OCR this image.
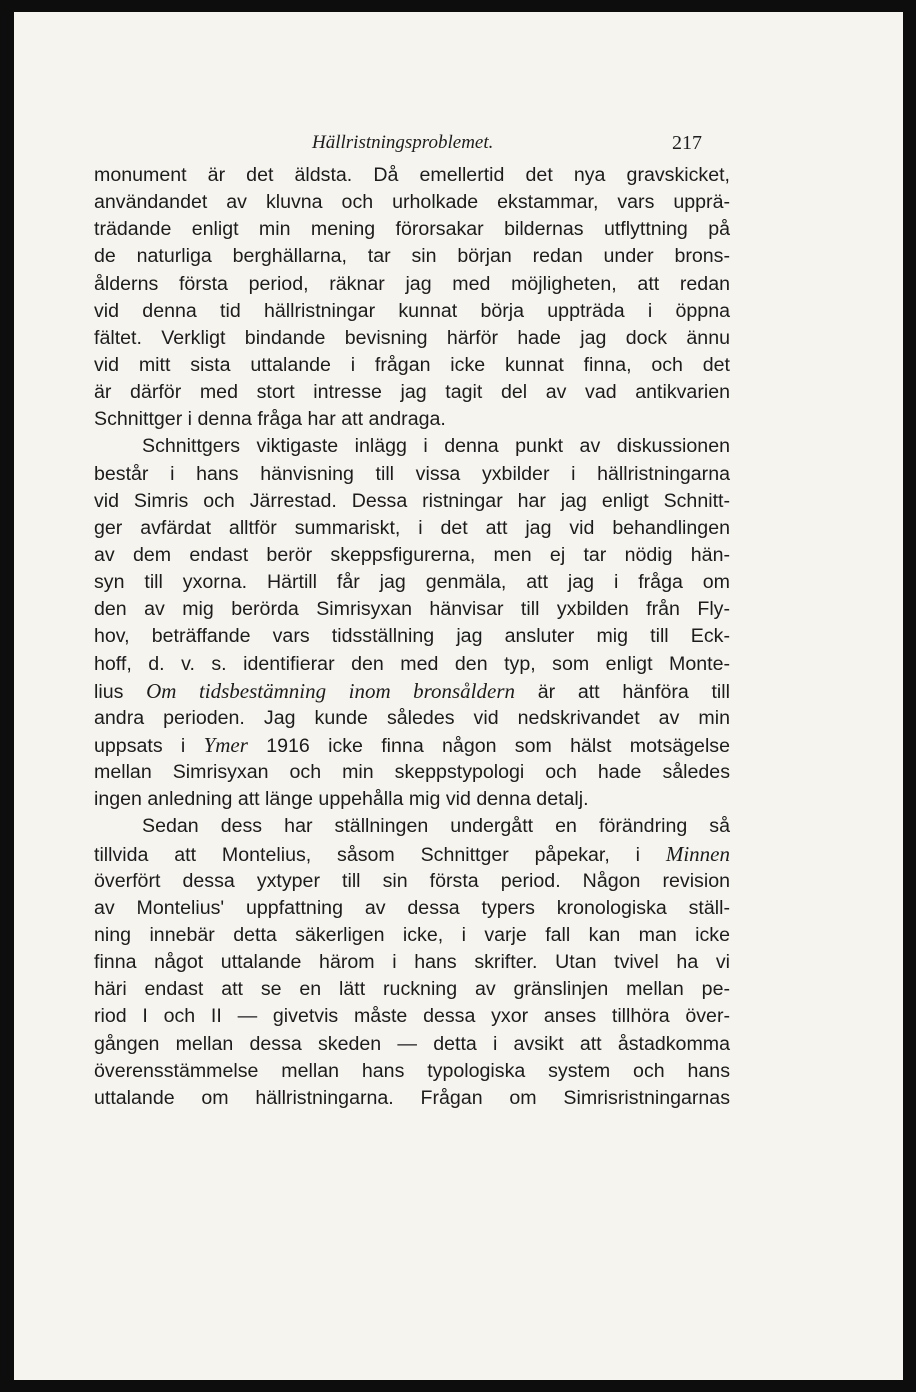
Hällristningsproblemet.	217
monument är det äldsta. Då emellertid det nya gravskicket,
användandet av kluvna och urholkade ekstammar, vars upprä-
trädande enligt min mening förorsakar bildernas utflyttning på
de naturliga berghällarna, tar sin början redan under brons-
ålderns första period, räknar jag med möjligheten, att redan
vid denna tid hällristningar kunnat börja uppträda i öppna
fältet. Verkligt bindande bevisning härför hade jag dock ännu
vid mitt sista uttalande i frågan icke kunnat finna, och det
är därför med stort intresse jag tagit del av vad antikvarien
Schnittger i denna fråga har att andraga.
Schnittgers viktigaste inlägg i denna punkt av diskussionen
består i hans hänvisning till vissa yxbilder i hällristningarna
vid Simris och Järrestad. Dessa ristningar har jag enligt Schnitt-
ger avfärdat alltför summariskt, i det att jag vid behandlingen
av dem endast berör skeppsfigurerna, men ej tar nödig hän-
syn till yxorna. Härtill får jag genmäla, att jag i fråga om
den av mig berörda Simrisyxan hänvisar till yxbilden från Fly-
hov, beträffande vars tidsställning jag ansluter mig till Eck-
hoff, d. v. s. identifierar den med den typ, som enligt Monte-
lius Om tidsbestämning inom bronsåldern är att hänföra till
andra perioden. Jag kunde således vid nedskrivandet av min
uppsats i Ymer 1916 icke finna någon som hälst motsägelse
mellan Simrisyxan och min skeppstypologi och hade således
ingen anledning att länge uppehålla mig vid denna detalj.
Sedan dess har ställningen undergått en förändring så
tillvida att Montelius, såsom Schnittger påpekar, i Minnen
överfört dessa yxtyper till sin första period. Någon revision
av Montelius' uppfattning av dessa typers kronologiska ställ-
ning innebär detta säkerligen icke, i varje fall kan man icke
finna något uttalande härom i hans skrifter. Utan tvivel ha vi
häri endast att se en lätt ruckning av gränslinjen mellan pe-
riod I och II — givetvis måste dessa yxor anses tillhöra över-
gången mellan dessa skeden — detta i avsikt att åstadkomma
överensstämmelse mellan hans typologiska system och hans
uttalande om hällristningarna. Frågan om Simrisristningarnas
